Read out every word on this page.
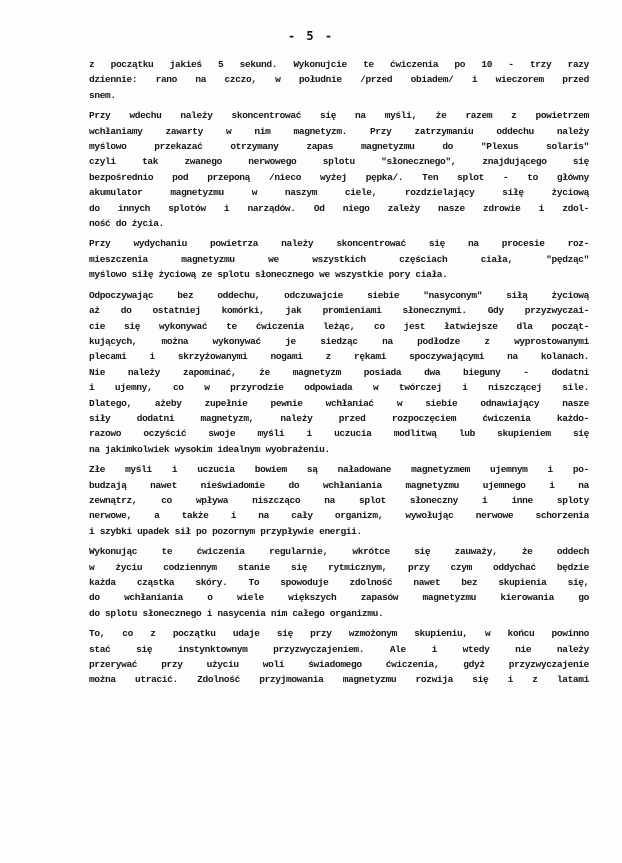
- 5 -
z początku jakieś 5 sekund. Wykonujcie te ćwiczenia po 10 - trzy razy
dziennie: rano na czczo, w południe /przed obiadem/ i wieczorem przed
snem.
Przy wdechu należy skoncentrować się na myśli, że razem z powietrzem
wchłaniamy zawarty w nim magnetyzm. Przy zatrzymaniu oddechu należy
myślowo przekazać otrzymany zapas magnetyzmu do "Plexus solaris"
czyli tak zwanego nerwowego splotu "słonecznego", znajdującego się
bezpośrednio pod przeponą /nieco wyżej pępka/. Ten splot - to główny
akumulator magnetyzmu w naszym ciele, rozdzielający siłę życiową
do innych splotów i narządów. Od niego zależy nasze zdrowie i zdol-
ność do życia.
Przy wydychaniu powietrza należy skoncentrować się na procesie roz-
mieszczenia magnetyzmu we wszystkich częściach ciała, "pędząc"
myślowo siłę życiową ze splotu słonecznego we wszystkie pory ciała.
Odpoczywając bez oddechu, odczuwajcie siebie "nasyconym" siłą życiową
aż do ostatniej komórki, jak promieniami słonecznymi. Gdy przyzwyczai-
cie się wykonywać te ćwiczenia leżąc, co jest łatwiejsze dla począt-
kujących, można wykonywać je siedząc na podłodze z wyprostowanymi
plecami i skrzyżowanymi nogami z rękami spoczywającymi na kolanach.
Nie należy zapominać, że magnetyzm posiada dwa bieguny - dodatni
i ujemny, co w przyrodzie odpowiada w twórczej i niszczącej sile.
Dlatego, ażeby zupełnie pewnie wchłaniać w siebie odnawiający nasze
siły dodatni magnetyzm, należy przed rozpoczęciem ćwiczenia każdo-
razowo oczyścić swoje myśli i uczucia modlitwą lub skupieniem się
na jakimkolwiek wysokim idealnym wyobrażeniu.
Złe myśli i uczucia bowiem są naładowane magnetyzmem ujemnym i po-
budzają nawet nieświadomie do wchłaniania magnetyzmu ujemnego i na
zewnątrz, co wpływa niszcząco na splot słoneczny i inne sploty
nerwowe, a także i na cały organizm, wywołując nerwowe schorzenia
i szybki upadek sił po pozornym przypływie energii.
Wykonując te ćwiczenia regularnie, wkrótce się zauważy, że oddech
w życiu codziennym stanie się rytmicznym, przy czym oddychać będzie
każda cząstka skóry. To spowoduje zdolność nawet bez skupienia się,
do wchłaniania o wiele większych zapasów magnetyzmu kierowania go
do splotu słonecznego i nasycenia nim całego organizmu.
To, co z początku udaje się przy wzmożonym skupieniu, w końcu powinno
stać się instynktownym przyzwyczajeniem. Ale i wtedy nie należy
przerywać przy użyciu woli świadomego ćwiczenia, gdyż przyzwyczajenie
można utracić. Zdolność przyjmowania magnetyzmu rozwija się i z latami
